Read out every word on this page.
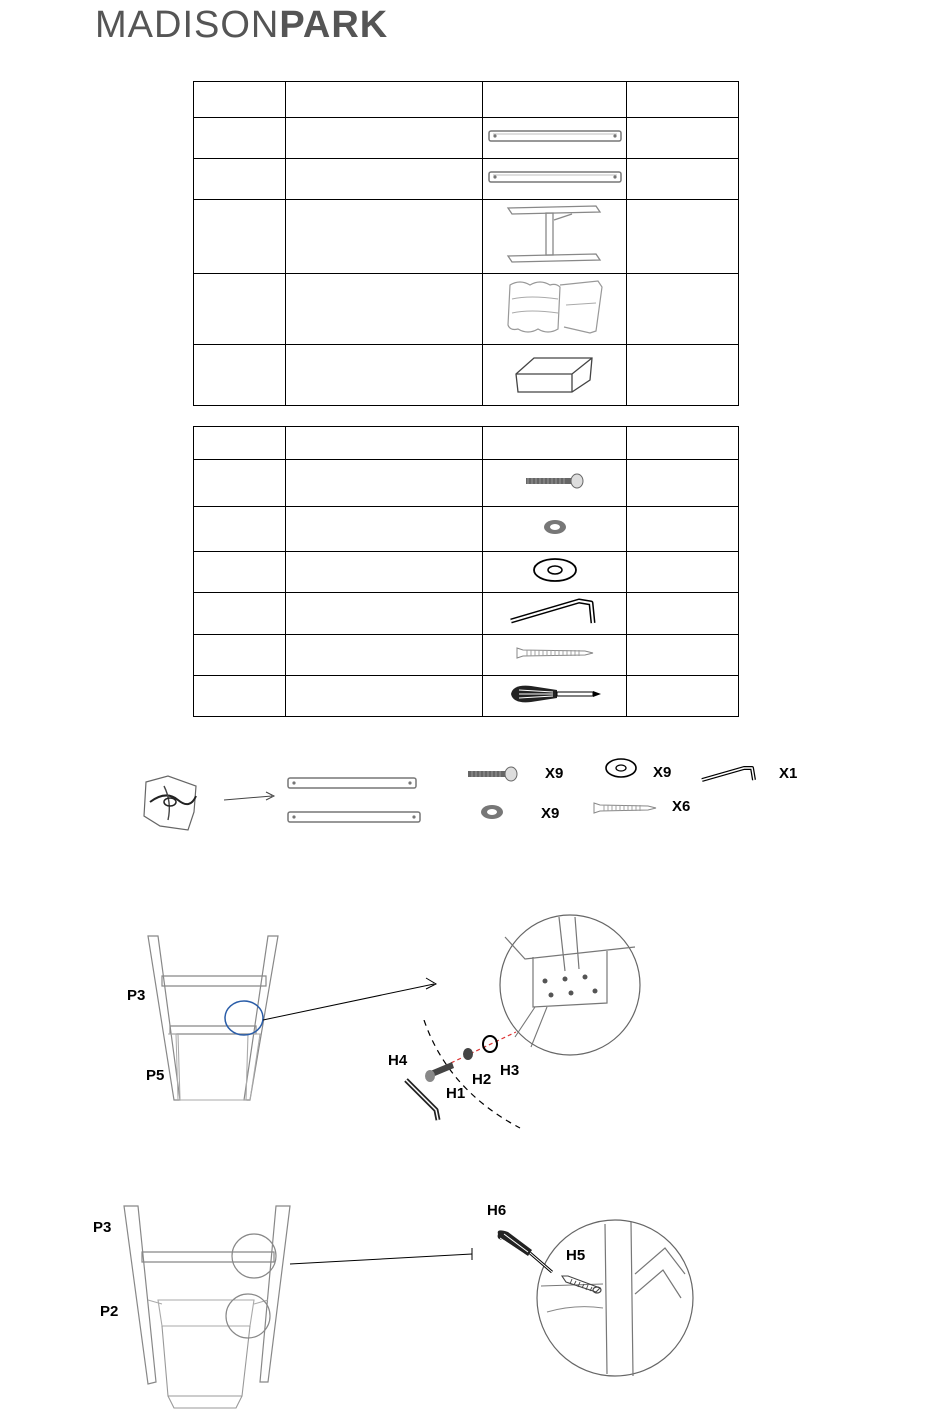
MADISONPARK

X9	X9	X1
X9	X6
P3
P5
H4
H1
H2
H3
P3
P2
H6
H5
